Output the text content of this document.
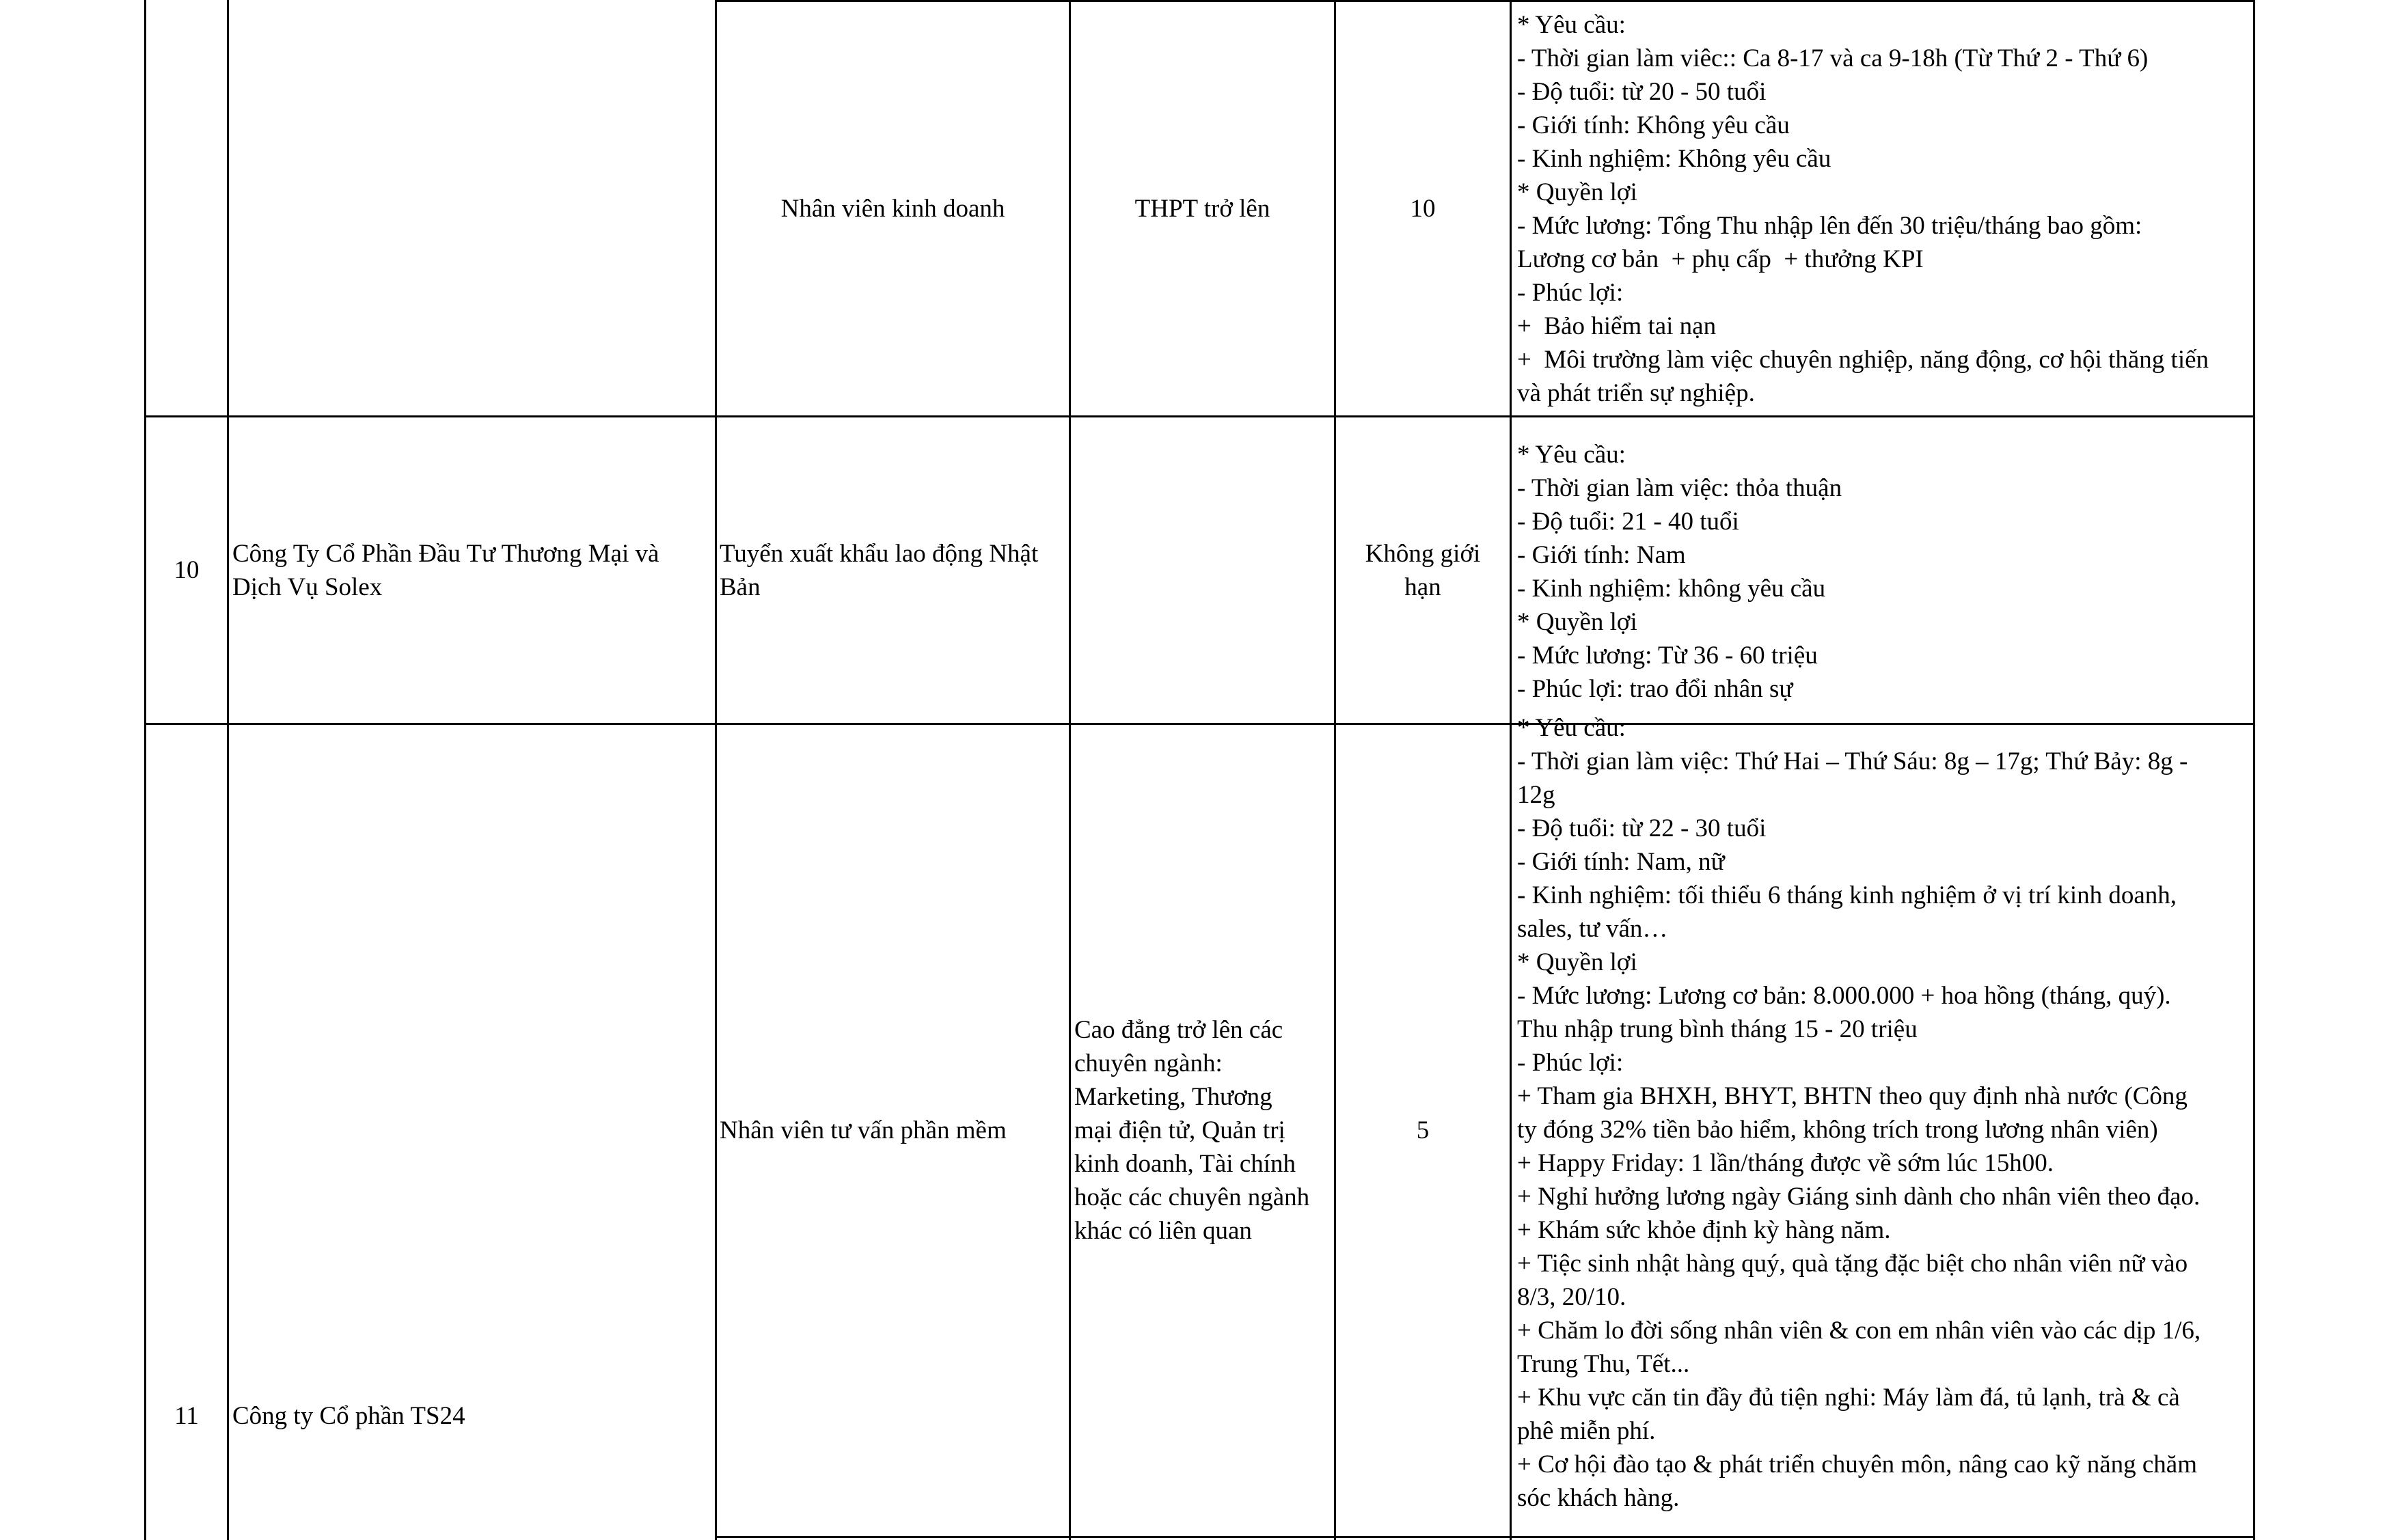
Nhân viên kinh doanh	THPT trở lên	10
* Yêu cầu:
- Thời gian làm viêc:: Ca 8-17 và ca 9-18h (Từ Thứ 2 - Thứ 6)
- Độ tuổi: từ 20 - 50 tuổi
- Giới tính: Không yêu cầu
- Kinh nghiệm: Không yêu cầu
* Quyền lợi
- Mức lương: Tổng Thu nhập lên đến 30 triệu/tháng bao gồm:
Lương cơ bản  + phụ cấp  + thưởng KPI
- Phúc lợi:
+  Bảo hiểm tai nạn
+  Môi trường làm việc chuyên nghiệp, năng động, cơ hội thăng tiến
và phát triển sự nghiệp.
10
Công Ty Cổ Phần Đầu Tư Thương Mại và
Dịch Vụ Solex
Tuyển xuất khẩu lao động Nhật
Bản
Không giới
hạn
* Yêu cầu:
- Thời gian làm việc: thỏa thuận
- Độ tuổi: 21 - 40 tuổi
- Giới tính: Nam
- Kinh nghiệm: không yêu cầu
* Quyền lợi
- Mức lương: Từ 36 - 60 triệu
- Phúc lợi: trao đổi nhân sự
11 Công ty Cổ phần TS24
Nhân viên tư vấn phần mềm
Cao đẳng trở lên các
chuyên ngành:
Marketing, Thương
mại điện tử, Quản trị
kinh doanh, Tài chính
hoặc các chuyên ngành
khác có liên quan
5
* Yêu cầu:
- Thời gian làm việc: Thứ Hai – Thứ Sáu: 8g – 17g; Thứ Bảy: 8g -
12g
- Độ tuổi: từ 22 - 30 tuổi
- Giới tính: Nam, nữ
- Kinh nghiệm: tối thiểu 6 tháng kinh nghiệm ở vị trí kinh doanh,
sales, tư vấn…
* Quyền lợi
- Mức lương: Lương cơ bản: 8.000.000 + hoa hồng (tháng, quý).
Thu nhập trung bình tháng 15 - 20 triệu
- Phúc lợi:
+ Tham gia BHXH, BHYT, BHTN theo quy định nhà nước (Công
ty đóng 32% tiền bảo hiểm, không trích trong lương nhân viên)
+ Happy Friday: 1 lần/tháng được về sớm lúc 15h00.
+ Nghỉ hưởng lương ngày Giáng sinh dành cho nhân viên theo đạo.
+ Khám sức khỏe định kỳ hàng năm.
+ Tiệc sinh nhật hàng quý, quà tặng đặc biệt cho nhân viên nữ vào
8/3, 20/10.
+ Chăm lo đời sống nhân viên & con em nhân viên vào các dịp 1/6,
Trung Thu, Tết...
+ Khu vực căn tin đầy đủ tiện nghi: Máy làm đá, tủ lạnh, trà & cà
phê miễn phí.
+ Cơ hội đào tạo & phát triển chuyên môn, nâng cao kỹ năng chăm
sóc khách hàng.
